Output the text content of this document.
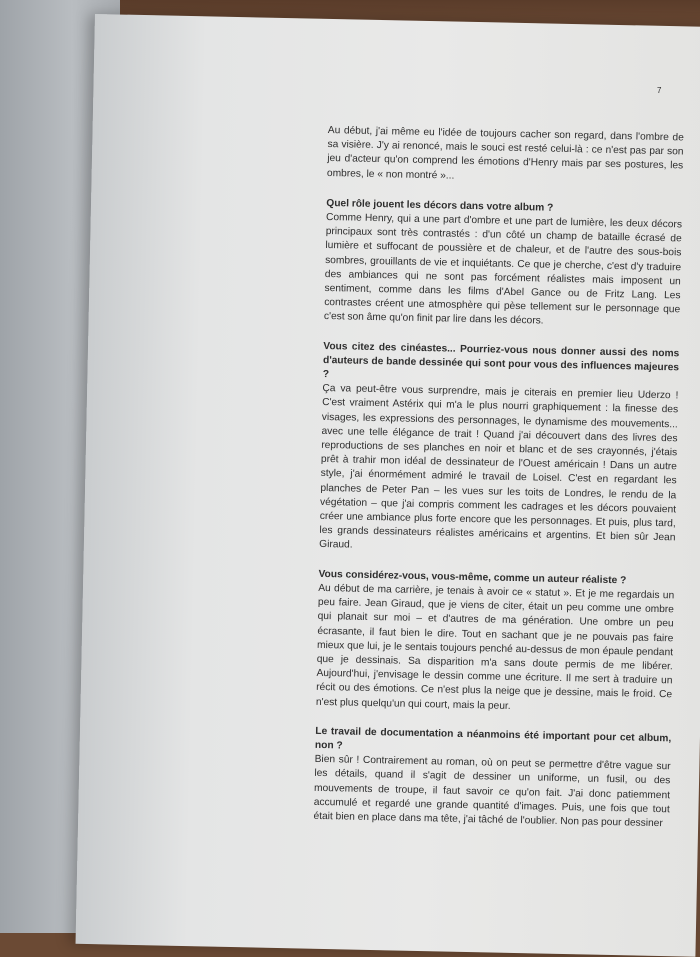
7

Au début, j'ai même eu l'idée de toujours cacher son regard, dans l'ombre de sa visière. J'y ai renoncé, mais le souci est resté celui-là : ce n'est pas par son jeu d'acteur qu'on comprend les émotions d'Henry mais par ses postures, les ombres, le « non montré »...

Quel rôle jouent les décors dans votre album ?
Comme Henry, qui a une part d'ombre et une part de lumière, les deux décors principaux sont très contrastés : d'un côté un champ de bataille écrasé de lumière et suffocant de poussière et de chaleur, et de l'autre des sous-bois sombres, grouillants de vie et inquiétants. Ce que je cherche, c'est d'y traduire des ambiances qui ne sont pas forcément réalistes mais imposent un sentiment, comme dans les films d'Abel Gance ou de Fritz Lang. Les contrastes créent une atmosphère qui pèse tellement sur le personnage que c'est son âme qu'on finit par lire dans les décors.
Vous citez des cinéastes... Pourriez-vous nous donner aussi des noms d'auteurs de bande dessinée qui sont pour vous des influences majeures ?
Ça va peut-être vous surprendre, mais je citerais en premier lieu Uderzo ! C'est vraiment Astérix qui m'a le plus nourri graphiquement : la finesse des visages, les expressions des personnages, le dynamisme des mouvements... avec une telle élégance de trait ! Quand j'ai découvert dans des livres des reproductions de ses planches en noir et blanc et de ses crayonnés, j'étais prêt à trahir mon idéal de dessinateur de l'Ouest américain ! Dans un autre style, j'ai énormément admiré le travail de Loisel. C'est en regardant les planches de Peter Pan – les vues sur les toits de Londres, le rendu de la végétation – que j'ai compris comment les cadrages et les décors pouvaient créer une ambiance plus forte encore que les personnages. Et puis, plus tard, les grands dessinateurs réalistes américains et argentins. Et bien sûr Jean Giraud.
Vous considérez-vous, vous-même, comme un auteur réaliste ?
Au début de ma carrière, je tenais à avoir ce « statut ». Et je me regardais un peu faire. Jean Giraud, que je viens de citer, était un peu comme une ombre qui planait sur moi – et d'autres de ma génération. Une ombre un peu écrasante, il faut bien le dire. Tout en sachant que je ne pouvais pas faire mieux que lui, je le sentais toujours penché au-dessus de mon épaule pendant que je dessinais. Sa disparition m'a sans doute permis de me libérer. Aujourd'hui, j'envisage le dessin comme une écriture. Il me sert à traduire un récit ou des émotions. Ce n'est plus la neige que je dessine, mais le froid. Ce n'est plus quelqu'un qui court, mais la peur.
Le travail de documentation a néanmoins été important pour cet album, non ?
Bien sûr ! Contrairement au roman, où on peut se permettre d'être vague sur les détails, quand il s'agit de dessiner un uniforme, un fusil, ou des mouvements de troupe, il faut savoir ce qu'on fait. J'ai donc patiemment accumulé et regardé une grande quantité d'images. Puis, une fois que tout était bien en place dans ma tête, j'ai tâché de l'oublier. Non pas pour dessiner
